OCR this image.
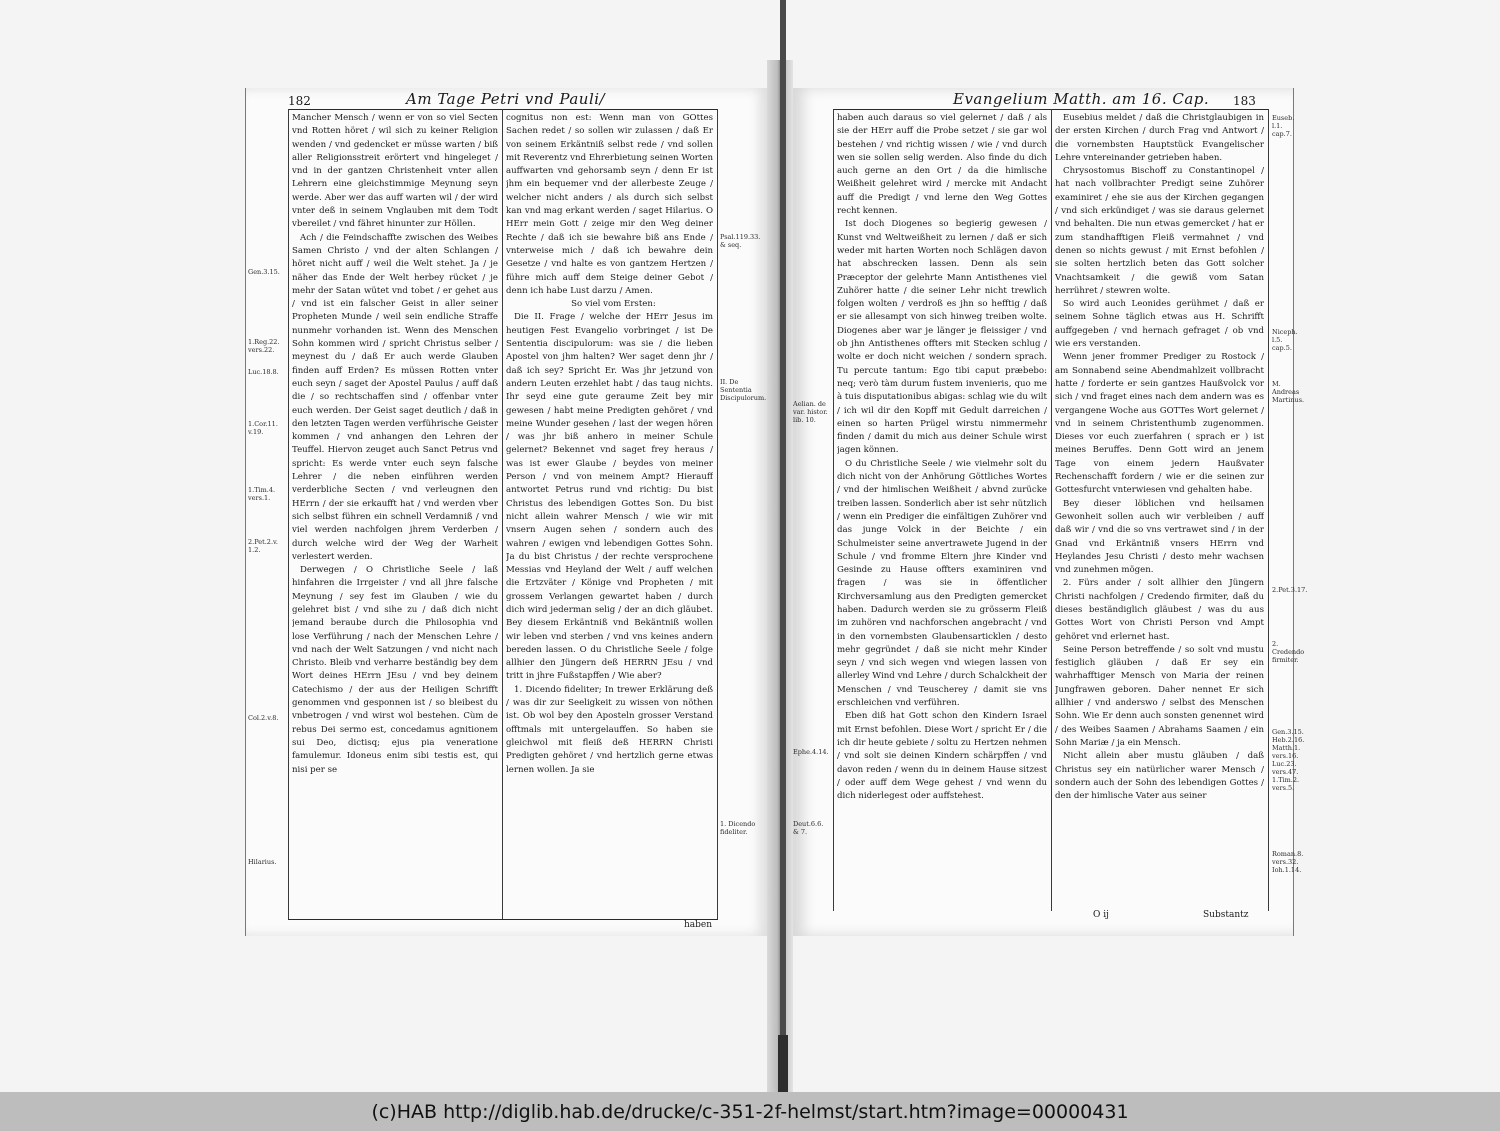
182	Am Tage Petri vnd Pauli/

Mancher Mensch / wenn er von so viel Secten vnd Rotten höret / wil sich zu keiner Religion wenden / vnd gedencket er müsse warten / biß aller Religionsstreit erörtert vnd hingeleget / vnd in der gantzen Christenheit vnter allen Lehrern eine gleichstimmige Meynung seyn werde. Aber wer das auff warten wil / der wird vnter deß in seinem Vnglauben mit dem Todt vbereilet / vnd fähret hinunter zur Höllen.

Ach / die Feindschaffte zwischen des Weibes Samen Christo / vnd der alten Schlangen / höret nicht auff / weil die Welt stehet. Ja / je näher das Ende der Welt herbey rücket / je mehr der Satan wütet vnd tobet / er gehet aus / vnd ist ein falscher Geist in aller seiner Propheten Munde / weil sein endliche Straffe nunmehr vorhanden ist. Wenn des Menschen Sohn kommen wird / spricht Christus selber / meynest du / daß Er auch werde Glauben finden auff Erden? Es müssen Rotten vnter euch seyn / saget der Apostel Paulus / auff daß die / so rechtschaffen sind / offenbar vnter euch werden. Der Geist saget deutlich / daß in den letzten Tagen werden verführische Geister kommen / vnd anhangen den Lehren der Teuffel. Hiervon zeuget auch Sanct Petrus vnd spricht: Es werde vnter euch seyn falsche Lehrer / die neben einführen werden verderbliche Secten / vnd verleugnen den HErrn / der sie erkaufft hat / vnd werden vber sich selbst führen ein schnell Verdamniß / vnd viel werden nachfolgen jhrem Verderben / durch welche wird der Weg der Warheit verlestert werden.

Derwegen / O Christliche Seele / laß hinfahren die Irrgeister / vnd all jhre falsche Meynung / sey fest im Glauben / wie du gelehret bist / vnd sihe zu / daß dich nicht jemand beraube durch die Philosophia vnd lose Verführung / nach der Menschen Lehre / vnd nach der Welt Satzungen / vnd nicht nach Christo. Bleib vnd verharre beständig bey dem Wort deines HErrn JEsu / vnd bey deinem Catechismo / der aus der Heiligen Schrifft genommen vnd gesponnen ist / so bleibest du vnbetrogen / vnd wirst wol bestehen. Cùm de rebus Dei sermo est, concedamus agnitionem sui Deo, dictisq; ejus pia veneratione famulemur. Idoneus enim sibi testis est, qui nisi per se

cognitus non est: Wenn man von GOttes Sachen redet / so sollen wir zulassen / daß Er von seinem Erkäntniß selbst rede / vnd sollen mit Reverentz vnd Ehrerbietung seinen Worten auffwarten vnd gehorsamb seyn / denn Er ist jhm ein bequemer vnd der allerbeste Zeuge / welcher nicht anders / als durch sich selbst kan vnd mag erkant werden / saget Hilarius. O HErr mein Gott / zeige mir den Weg deiner Rechte / daß ich sie bewahre biß ans Ende / vnterweise mich / daß ich bewahre dein Gesetze / vnd halte es von gantzem Hertzen / führe mich auff dem Steige deiner Gebot / denn ich habe Lust darzu / Amen.

So viel vom Ersten:

Die II. Frage / welche der HErr Jesus im heutigen Fest Evangelio vorbringet / ist De Sententia discipulorum: was sie / die lieben Apostel von jhm halten? Wer saget denn jhr / daß ich sey? Spricht Er. Was jhr jetzund von andern Leuten erzehlet habt / das taug nichts. Ihr seyd eine gute geraume Zeit bey mir gewesen / habt meine Predigten gehöret / vnd meine Wunder gesehen / last der wegen hören / was jhr biß anhero in meiner Schule gelernet? Bekennet vnd saget frey heraus / was ist ewer Glaube / beydes von meiner Person / vnd von meinem Ampt? Hierauff antwortet Petrus rund vnd richtig: Du bist Christus des lebendigen Gottes Son. Du bist nicht allein wahrer Mensch / wie wir mit vnsern Augen sehen / sondern auch des wahren / ewigen vnd lebendigen Gottes Sohn. Ja du bist Christus / der rechte versprochene Messias vnd Heyland der Welt / auff welchen die Ertzväter / Könige vnd Propheten / mit grossem Verlangen gewartet haben / durch dich wird jederman selig / der an dich gläubet. Bey diesem Erkäntniß vnd Bekäntniß wollen wir leben vnd sterben / vnd vns keines andern bereden lassen. O du Christliche Seele / folge allhier den Jüngern deß HERRN JEsu / vnd tritt in jhre Fußstapffen / Wie aber?

1. Dicendo fideliter; In trewer Erklärung deß / was dir zur Seeligkeit zu wissen von nöthen ist. Ob wol bey den Aposteln grosser Verstand offtmals mit untergelauffen. So haben sie gleichwol mit fleiß deß HERRN Christi Predigten gehöret / vnd hertzlich gerne etwas lernen wollen. Ja sie

Gen.3.15.
1.Reg.22. vers.22.
Luc.18.8.
1.Cor.11. v.19.
1.Tim.4. vers.1.
2.Pet.2.v. 1.2.
Col.2.v.8.
Hilarius.
Psal.119.33. & seq.
II. De Sententia Discipulorum.
1. Dicendo fideliter.
haben
Evangelium Matth. am 16. Cap. 183

haben auch daraus so viel gelernet / daß / als sie der HErr auff die Probe setzet / sie gar wol bestehen / vnd richtig wissen / wie / vnd durch wen sie sollen selig werden. Also finde du dich auch gerne an den Ort / da die himlische Weißheit gelehret wird / mercke mit Andacht auff die Predigt / vnd lerne den Weg Gottes recht kennen.

Ist doch Diogenes so begierig gewesen / Kunst vnd Weltweißheit zu lernen / daß er sich weder mit harten Worten noch Schlägen davon hat abschrecken lassen. Denn als sein Præceptor der gelehrte Mann Antisthenes viel Zuhörer hatte / die seiner Lehr nicht trewlich folgen wolten / verdroß es jhn so hefftig / daß er sie allesampt von sich hinweg treiben wolte. Diogenes aber war je länger je fleissiger / vnd ob jhn Antisthenes offters mit Stecken schlug / wolte er doch nicht weichen / sondern sprach. Tu percute tantum: Ego tibi caput præbebo: neq; verò tàm durum fustem invenieris, quo me à tuis disputationibus abigas: schlag wie du wilt / ich wil dir den Kopff mit Gedult darreichen / einen so harten Prügel wirstu nimmermehr finden / damit du mich aus deiner Schule wirst jagen können.

O du Christliche Seele / wie vielmehr solt du dich nicht von der Anhörung Göttliches Wortes / vnd der himlischen Weißheit / abvnd zurücke treiben lassen. Sonderlich aber ist sehr nützlich / wenn ein Prediger die einfältigen Zuhörer vnd das junge Volck in der Beichte / ein Schulmeister seine anvertrawete Jugend in der Schule / vnd fromme Eltern jhre Kinder vnd Gesinde zu Hause offters examiniren vnd fragen / was sie in öffentlicher Kirchversamlung aus den Predigten gemercket haben. Dadurch werden sie zu grösserm Fleiß im zuhören vnd nachforschen angebracht / vnd in den vornembsten Glaubensarticklen / desto mehr gegründet / daß sie nicht mehr Kinder seyn / vnd sich wegen vnd wiegen lassen von allerley Wind vnd Lehre / durch Schalckheit der Menschen / vnd Teuscherey / damit sie vns erschleichen vnd verführen.

Eben diß hat Gott schon den Kindern Israel mit Ernst befohlen. Diese Wort / spricht Er / die ich dir heute gebiete / soltu zu Hertzen nehmen / vnd solt sie deinen Kindern schärpffen / vnd davon reden / wenn du in deinem Hause sitzest / oder auff dem Wege gehest / vnd wenn du dich niderlegest oder auffstehest.

Eusebius meldet / daß die Christglaubigen in der ersten Kirchen / durch Frag vnd Antwort / die vornembsten Hauptstück Evangelischer Lehre vntereinander getrieben haben.

Chrysostomus Bischoff zu Constantinopel / hat nach vollbrachter Predigt seine Zuhörer examiniret / ehe sie aus der Kirchen gegangen / vnd sich erkündiget / was sie daraus gelernet vnd behalten. Die nun etwas gemercket / hat er zum standhafftigen Fleiß vermahnet / vnd denen so nichts gewust / mit Ernst befohlen / sie solten hertzlich beten das Gott solcher Vnachtsamkeit / die gewiß vom Satan herrühret / stewren wolte.

So wird auch Leonides gerühmet / daß er seinem Sohne täglich etwas aus H. Schrifft auffgegeben / vnd hernach gefraget / ob vnd wie ers verstanden.

Wenn jener frommer Prediger zu Rostock / am Sonnabend seine Abendmahlzeit vollbracht hatte / forderte er sein gantzes Haußvolck vor sich / vnd fraget eines nach dem andern was es vergangene Woche aus GOTTes Wort gelernet / vnd in seinem Christenthumb zugenommen. Dieses vor euch zuerfahren ( sprach er ) ist meines Beruffes. Denn Gott wird an jenem Tage von einem jedern Haußvater Rechenschafft fordern / wie er die seinen zur Gottesfurcht vnterwiesen vnd gehalten habe.

Bey dieser löblichen vnd heilsamen Gewonheit sollen auch wir verbleiben / auff daß wir / vnd die so vns vertrawet sind / in der Gnad vnd Erkäntniß vnsers HErrn vnd Heylandes Jesu Christi / desto mehr wachsen vnd zunehmen mögen.

2. Fürs ander / solt allhier den Jüngern Christi nachfolgen / Credendo firmiter, daß du dieses beständiglich gläubest / was du aus Gottes Wort von Christi Person vnd Ampt gehöret vnd erlernet hast.

Seine Person betreffende / so solt vnd mustu festiglich gläuben / daß Er sey ein wahrhafftiger Mensch von Maria der reinen Jungfrawen geboren. Daher nennet Er sich allhier / vnd anderswo / selbst des Menschen Sohn. Wie Er denn auch sonsten genennet wird / des Weibes Saamen / Abrahams Saamen / ein Sohn Mariæ / ja ein Mensch.

Nicht allein aber mustu gläuben / daß Christus sey ein natürlicher warer Mensch / sondern auch der Sohn des lebendigen Gottes / den der himlische Vater aus seiner

Aelian. de var. histor. lib. 10.
Ephe.4.14.
Deut.6.6. & 7.
Euseb. l.1. cap.7.
Niceph. l.5. cap.5.
M. Andreas Martinus.
2.Pet.3.17.
2. Credendo firmiter.
Gen.3.15. Heb.2.16. Matth.1. vers.16. Luc.23. vers.47. 1.Tim.2. vers.5.
Roman.8. vers.32. Ioh.1.14.
O ij	Substantz
(c)HAB http://diglib.hab.de/drucke/c-351-2f-helmst/start.htm?image=00000431
